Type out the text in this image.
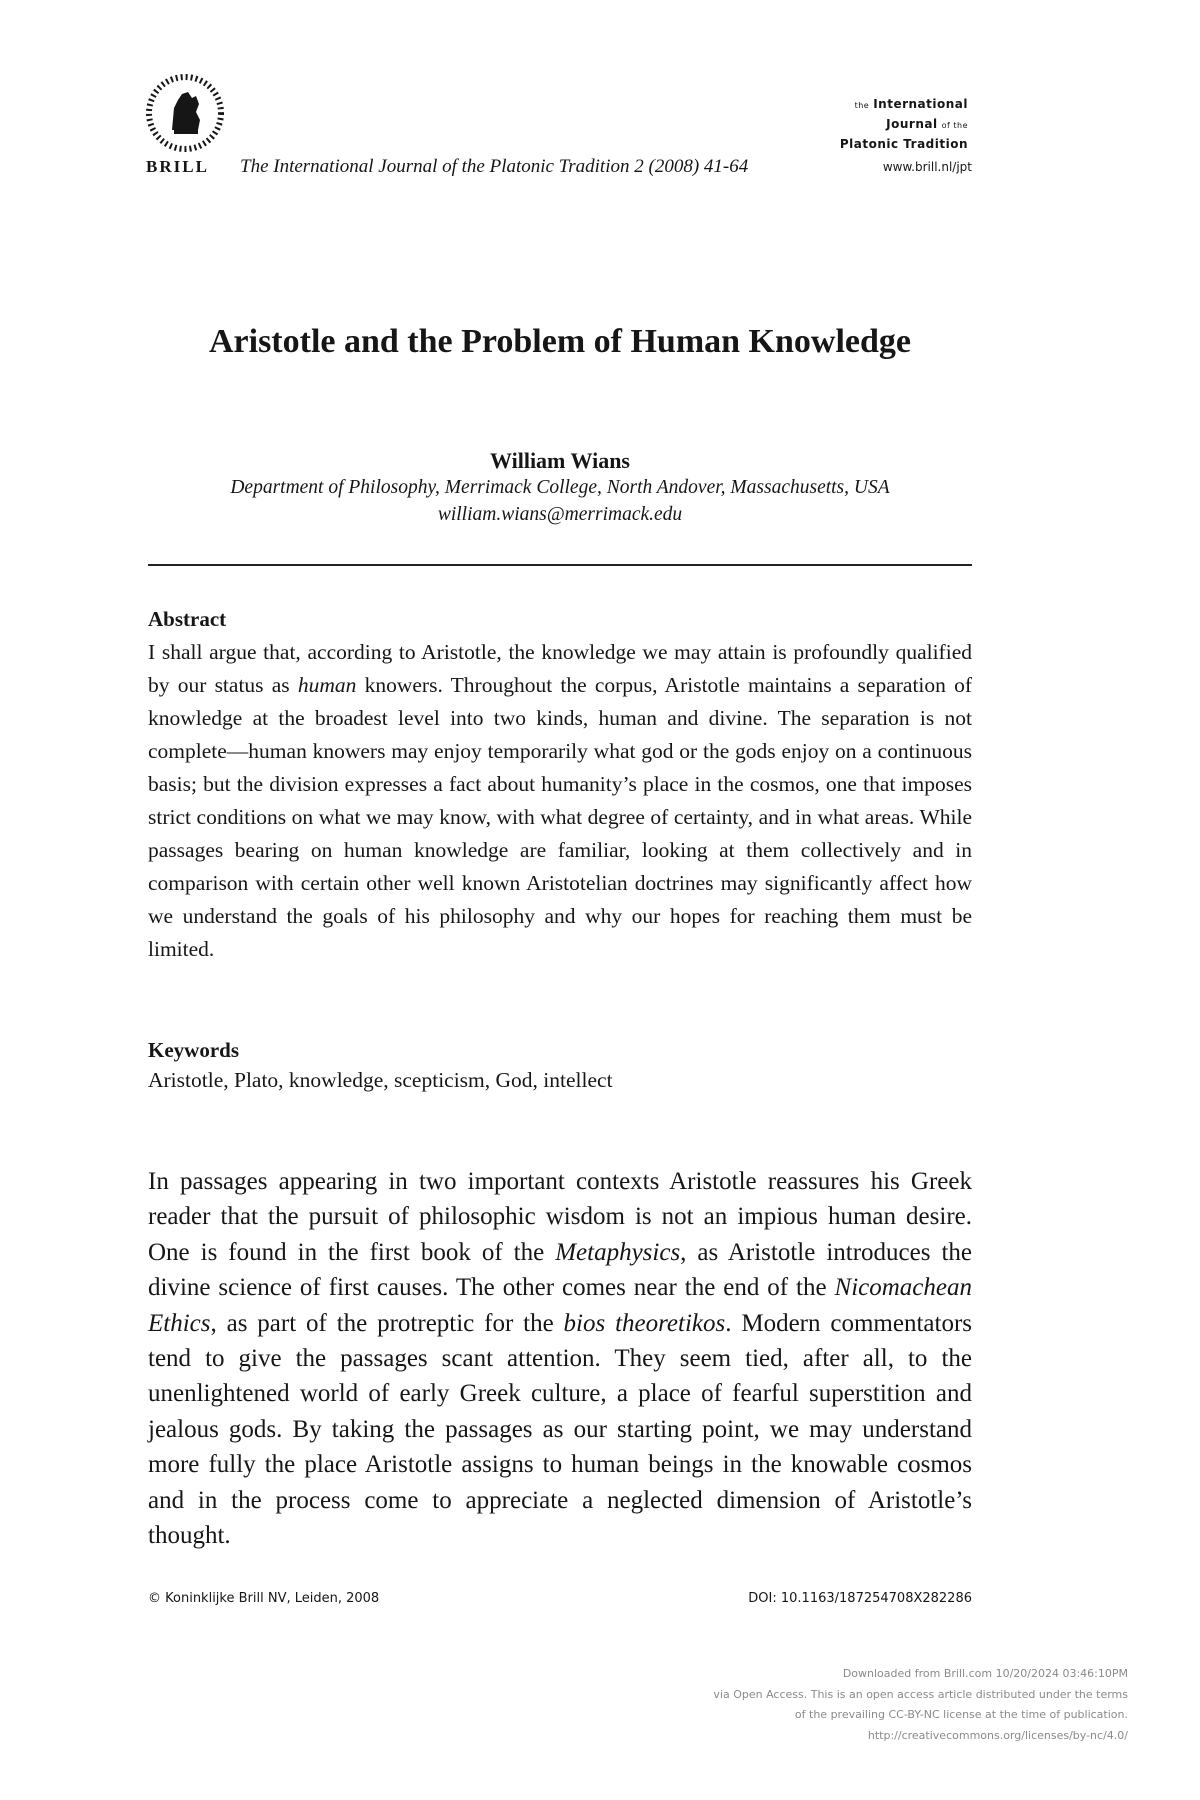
BRILL The International Journal of the Platonic Tradition 2 (2008) 41-64
the International
Journal of the
Platonic Tradition
www.brill.nl/jpt
Aristotle and the Problem of Human Knowledge
William Wians
Department of Philosophy, Merrimack College, North Andover, Massachusetts, USA
william.wians@merrimack.edu
Abstract
I shall argue that, according to Aristotle, the knowledge we may attain is profoundly qualified by our status as human knowers. Throughout the corpus, Aristotle maintains a separation of knowledge at the broadest level into two kinds, human and divine. The separation is not complete—human knowers may enjoy temporarily what god or the gods enjoy on a continuous basis; but the division expresses a fact about humanity’s place in the cosmos, one that imposes strict conditions on what we may know, with what degree of certainty, and in what areas. While passages bearing on human knowledge are familiar, looking at them collectively and in comparison with certain other well known Aristotelian doctrines may significantly affect how we understand the goals of his philosophy and why our hopes for reaching them must be limited.
Keywords
Aristotle, Plato, knowledge, scepticism, God, intellect
In passages appearing in two important contexts Aristotle reassures his Greek reader that the pursuit of philosophic wisdom is not an impious human desire. One is found in the first book of the Metaphysics, as Aristotle introduces the divine science of first causes. The other comes near the end of the Nicomachean Ethics, as part of the protreptic for the bios theoretikos. Modern commentators tend to give the passages scant attention. They seem tied, after all, to the unenlightened world of early Greek culture, a place of fearful superstition and jealous gods. By taking the passages as our starting point, we may understand more fully the place Aristotle assigns to human beings in the knowable cosmos and in the process come to appreciate a neglected dimension of Aristotle’s thought.
© Koninklijke Brill NV, Leiden, 2008	DOI: 10.1163/187254708X282286
Downloaded from Brill.com 10/20/2024 03:46:10PM
via Open Access. This is an open access article distributed under the terms
of the prevailing CC-BY-NC license at the time of publication.
http://creativecommons.org/licenses/by-nc/4.0/
